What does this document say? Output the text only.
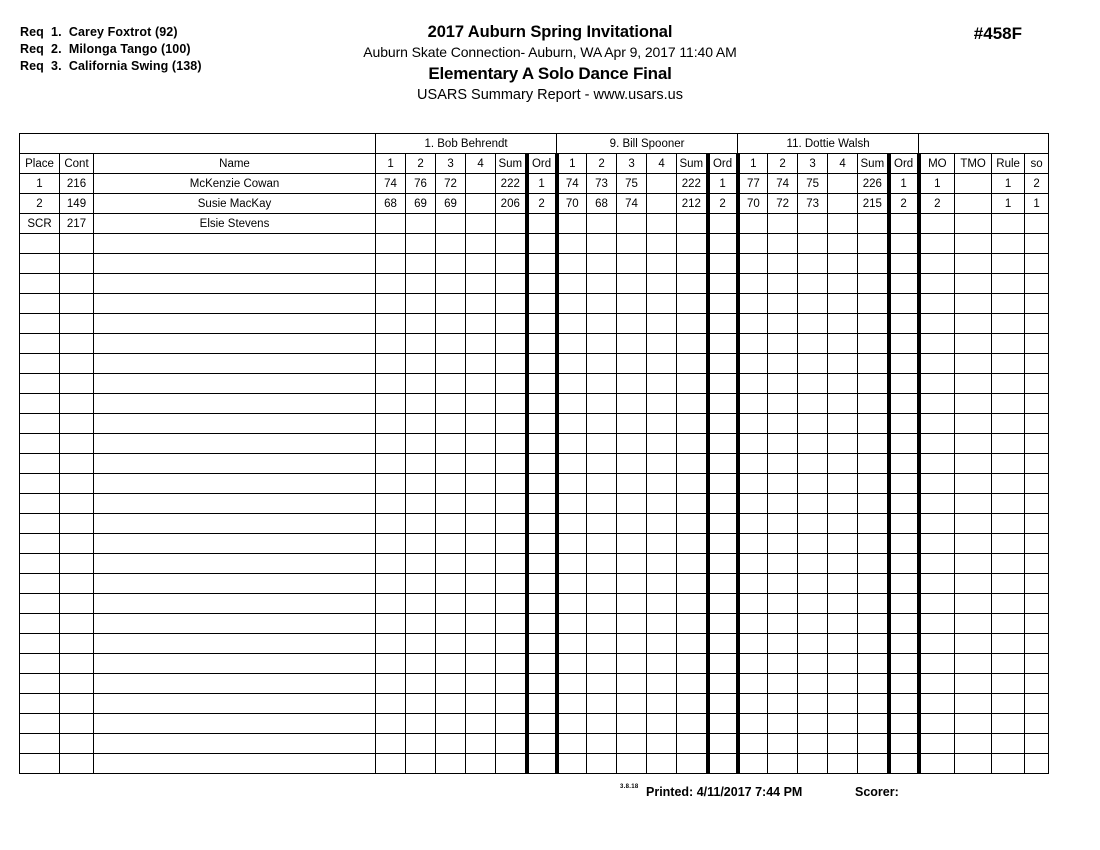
Req  1.  Carey Foxtrot (92)
Req  2.  Milonga Tango (100)
Req  3.  California Swing (138)
2017 Auburn Spring Invitational
Auburn Skate Connection- Auburn, WA Apr 9, 2017 11:40 AM
Elementary A Solo Dance Final
USARS Summary Report - www.usars.us
#458F
			1. Bob Behrendt						9. Bill Spooner						11. Dottie Walsh									
Place	Cont	Name	1	2	3	4	Sum	Ord	1	2	3	4	Sum	Ord	1	2	3	4	Sum	Ord	MO	TMO	Rule	so
1	216	McKenzie Cowan	74	76	72		222	1	74	73	75		222	1	77	74	75		226	1	1		1	2
2	149	Susie MacKay	68	69	69		206	2	70	68	74		212	2	70	72	73		215	2	2		1	1
SCR	217	Elsie Stevens																						

3.8.18 Printed: 4/11/2017 7:44 PM	Scorer:
